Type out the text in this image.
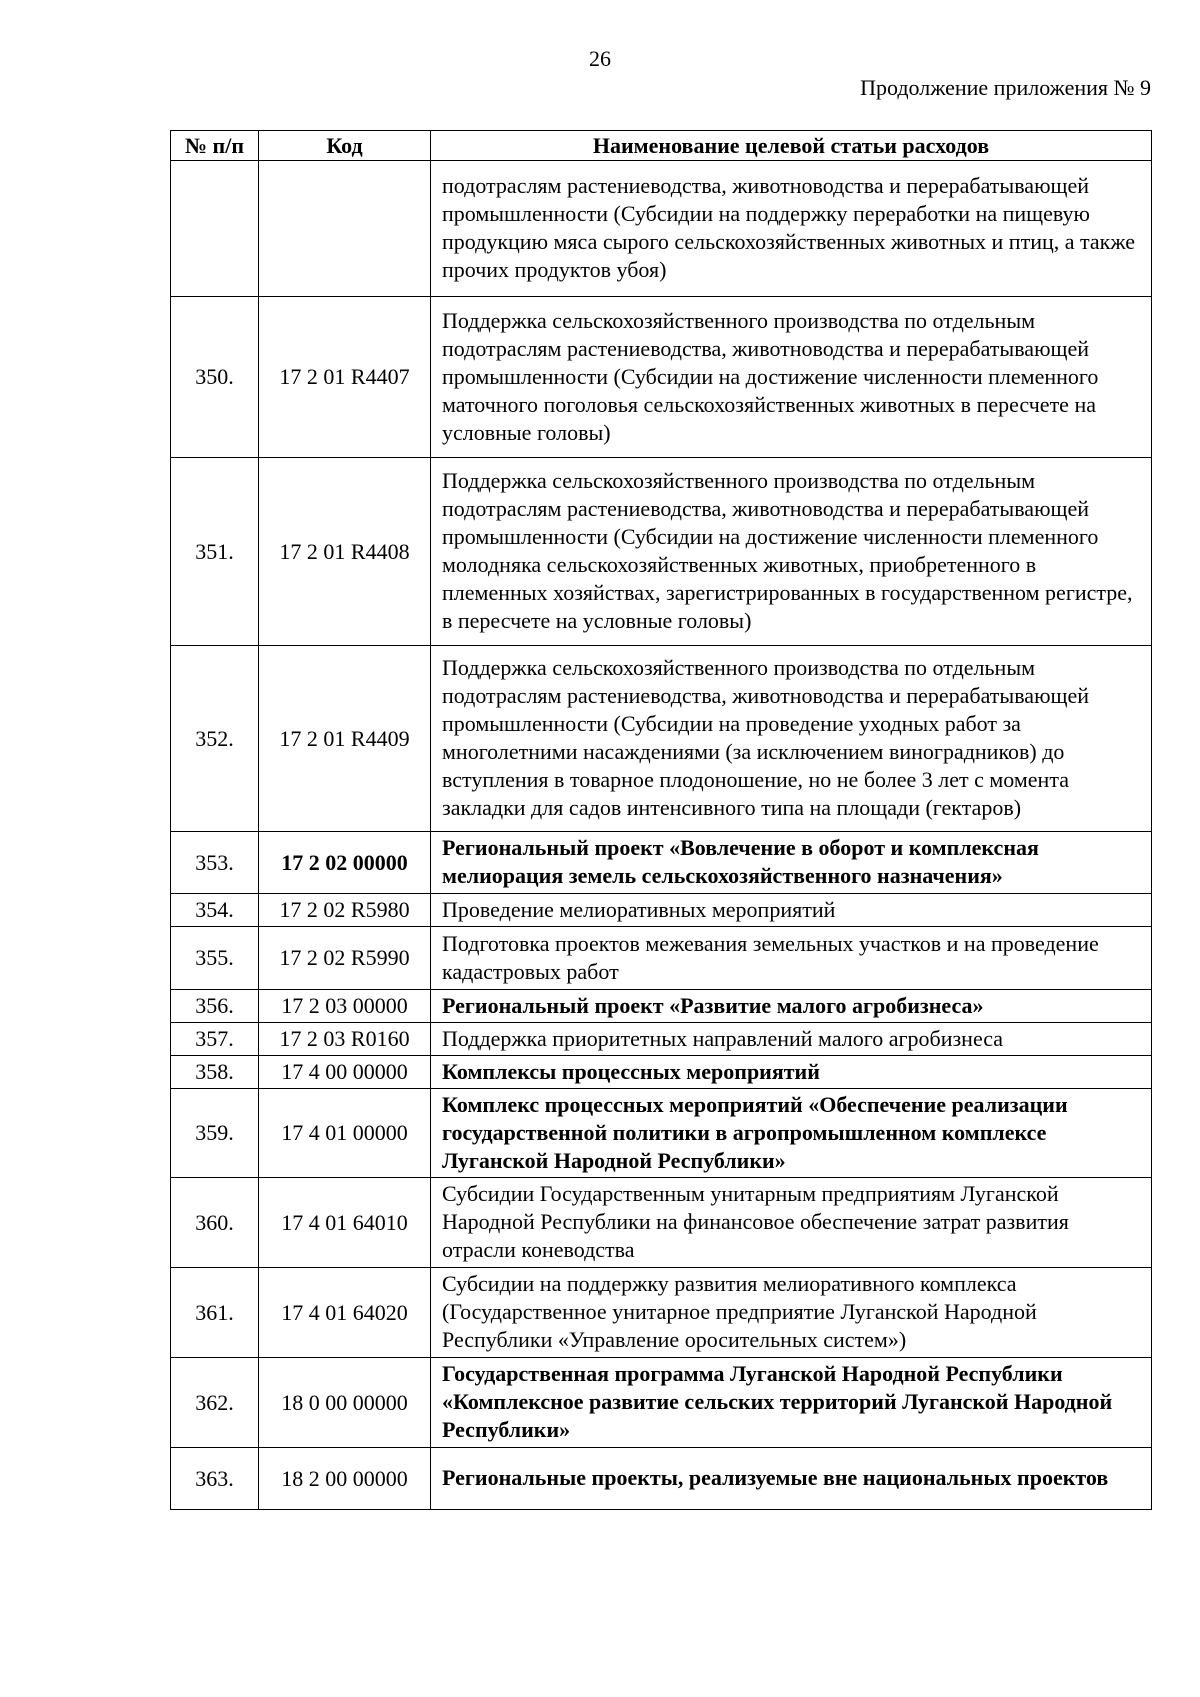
26
Продолжение приложения № 9
№ п/п	Код	Наименование целевой статьи расходов
		подотраслям растениеводства, животноводства и перерабатывающей промышленности (Субсидии на поддержку переработки на пищевую продукцию мяса сырого сельскохозяйственных животных и птиц, а также прочих продуктов убоя)
350.	17 2 01 R4407	Поддержка сельскохозяйственного производства по отдельным подотраслям растениеводства, животноводства и перерабатывающей промышленности (Субсидии на достижение численности племенного маточного поголовья сельскохозяйственных животных в пересчете на условные головы)
351.	17 2 01 R4408	Поддержка сельскохозяйственного производства по отдельным подотраслям растениеводства, животноводства и перерабатывающей промышленности (Субсидии на достижение численности племенного молодняка сельскохозяйственных животных, приобретенного в племенных хозяйствах, зарегистрированных в государственном регистре, в пересчете на условные головы)
352.	17 2 01 R4409	Поддержка сельскохозяйственного производства по отдельным подотраслям растениеводства, животноводства и перерабатывающей промышленности (Субсидии на проведение уходных работ за многолетними насаждениями (за исключением виноградников) до вступления в товарное плодоношение, но не более 3 лет с момента закладки для садов интенсивного типа на площади (гектаров)
353.	17 2 02 00000	Региональный проект «Вовлечение в оборот и комплексная мелиорация земель сельскохозяйственного назначения»
354.	17 2 02 R5980	Проведение мелиоративных мероприятий
355.	17 2 02 R5990	Подготовка проектов межевания земельных участков и на проведение кадастровых работ
356.	17 2 03 00000	Региональный проект «Развитие малого агробизнеса»
357.	17 2 03 R0160	Поддержка приоритетных направлений малого агробизнеса
358.	17 4 00 00000	Комплексы процессных мероприятий
359.	17 4 01 00000	Комплекс процессных мероприятий «Обеспечение реализации государственной политики в агропромышленном комплексе Луганской Народной Республики»
360.	17 4 01 64010	Субсидии Государственным унитарным предприятиям Луганской Народной Республики на финансовое обеспечение затрат развития отрасли коневодства
361.	17 4 01 64020	Субсидии на поддержку развития мелиоративного комплекса (Государственное унитарное предприятие Луганской Народной Республики «Управление оросительных систем»)
362.	18 0 00 00000	Государственная программа Луганской Народной Республики «Комплексное развитие сельских территорий Луганской Народной Республики»
363.	18 2 00 00000	Региональные проекты, реализуемые вне национальных проектов
